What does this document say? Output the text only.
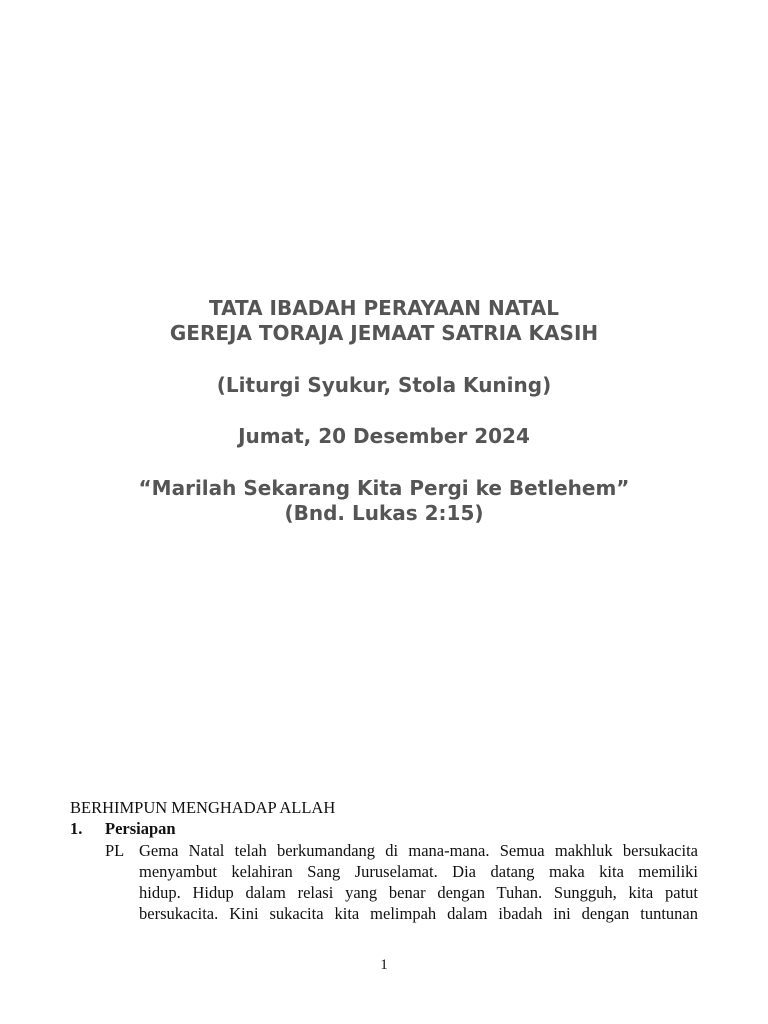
TATA IBADAH PERAYAAN NATAL
GEREJA TORAJA JEMAAT SATRIA KASIH
(Liturgi Syukur, Stola Kuning)
Jumat, 20 Desember 2024
“Marilah Sekarang Kita Pergi ke Betlehem”
(Bnd. Lukas 2:15)
BERHIMPUN MENGHADAP ALLAH
1. Persiapan
PL Gema Natal telah berkumandang di mana-mana. Semua makhluk bersukacita
menyambut kelahiran Sang Juruselamat. Dia datang maka kita memiliki
hidup. Hidup dalam relasi yang benar dengan Tuhan. Sungguh, kita patut
bersukacita. Kini sukacita kita melimpah dalam ibadah ini dengan tuntunan
1
